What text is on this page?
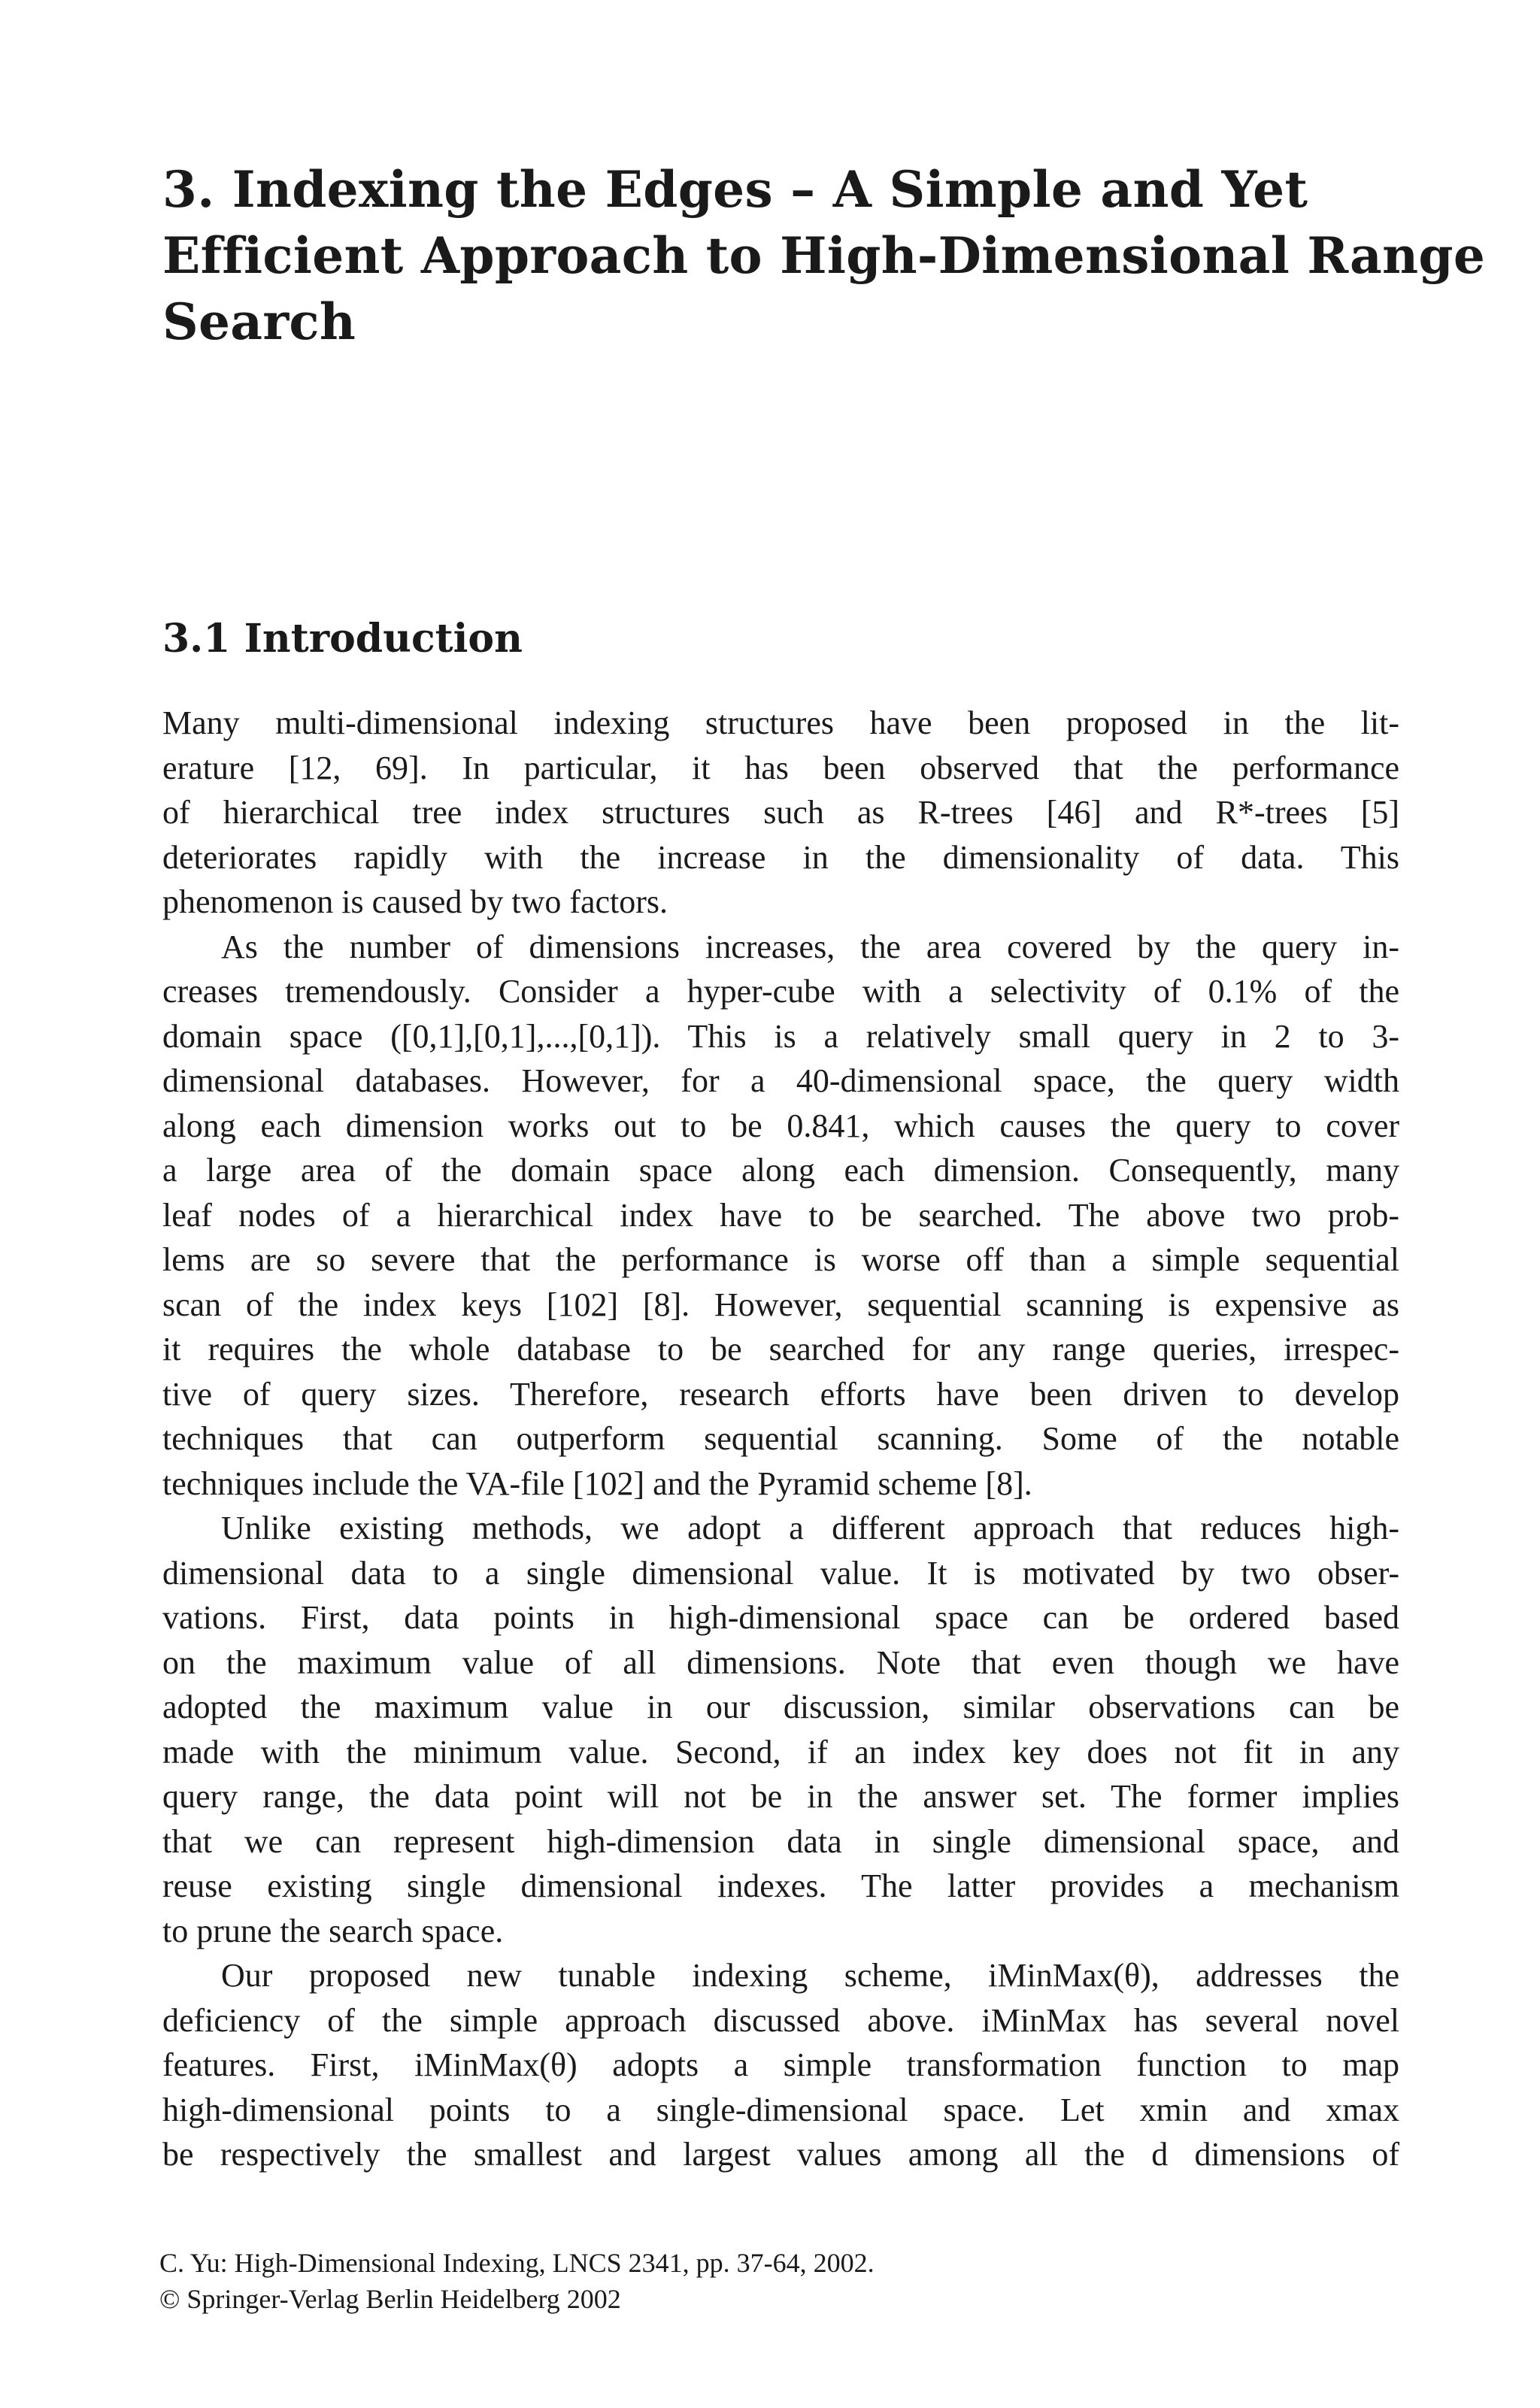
3. Indexing the Edges – A Simple and Yet
Efficient Approach to High-Dimensional Range
Search
3.1 Introduction
Many multi-dimensional indexing structures have been proposed in the lit-
erature [12, 69]. In particular, it has been observed that the performance
of hierarchical tree index structures such as R-trees [46] and R*-trees [5]
deteriorates rapidly with the increase in the dimensionality of data. This
phenomenon is caused by two factors.
As the number of dimensions increases, the area covered by the query in-
creases tremendously. Consider a hyper-cube with a selectivity of 0.1% of the
domain space ([0,1],[0,1],...,[0,1]). This is a relatively small query in 2 to 3-
dimensional databases. However, for a 40-dimensional space, the query width
along each dimension works out to be 0.841, which causes the query to cover
a large area of the domain space along each dimension. Consequently, many
leaf nodes of a hierarchical index have to be searched. The above two prob-
lems are so severe that the performance is worse off than a simple sequential
scan of the index keys [102] [8]. However, sequential scanning is expensive as
it requires the whole database to be searched for any range queries, irrespec-
tive of query sizes. Therefore, research efforts have been driven to develop
techniques that can outperform sequential scanning. Some of the notable
techniques include the VA-file [102] and the Pyramid scheme [8].
Unlike existing methods, we adopt a different approach that reduces high-
dimensional data to a single dimensional value. It is motivated by two obser-
vations. First, data points in high-dimensional space can be ordered based
on the maximum value of all dimensions. Note that even though we have
adopted the maximum value in our discussion, similar observations can be
made with the minimum value. Second, if an index key does not fit in any
query range, the data point will not be in the answer set. The former implies
that we can represent high-dimension data in single dimensional space, and
reuse existing single dimensional indexes. The latter provides a mechanism
to prune the search space.
Our proposed new tunable indexing scheme, iMinMax(θ), addresses the
deficiency of the simple approach discussed above. iMinMax has several novel
features. First, iMinMax(θ) adopts a simple transformation function to map
high-dimensional points to a single-dimensional space. Let xmin and xmax
be respectively the smallest and largest values among all the d dimensions of
C. Yu: High-Dimensional Indexing, LNCS 2341, pp. 37-64, 2002.
© Springer-Verlag Berlin Heidelberg 2002
